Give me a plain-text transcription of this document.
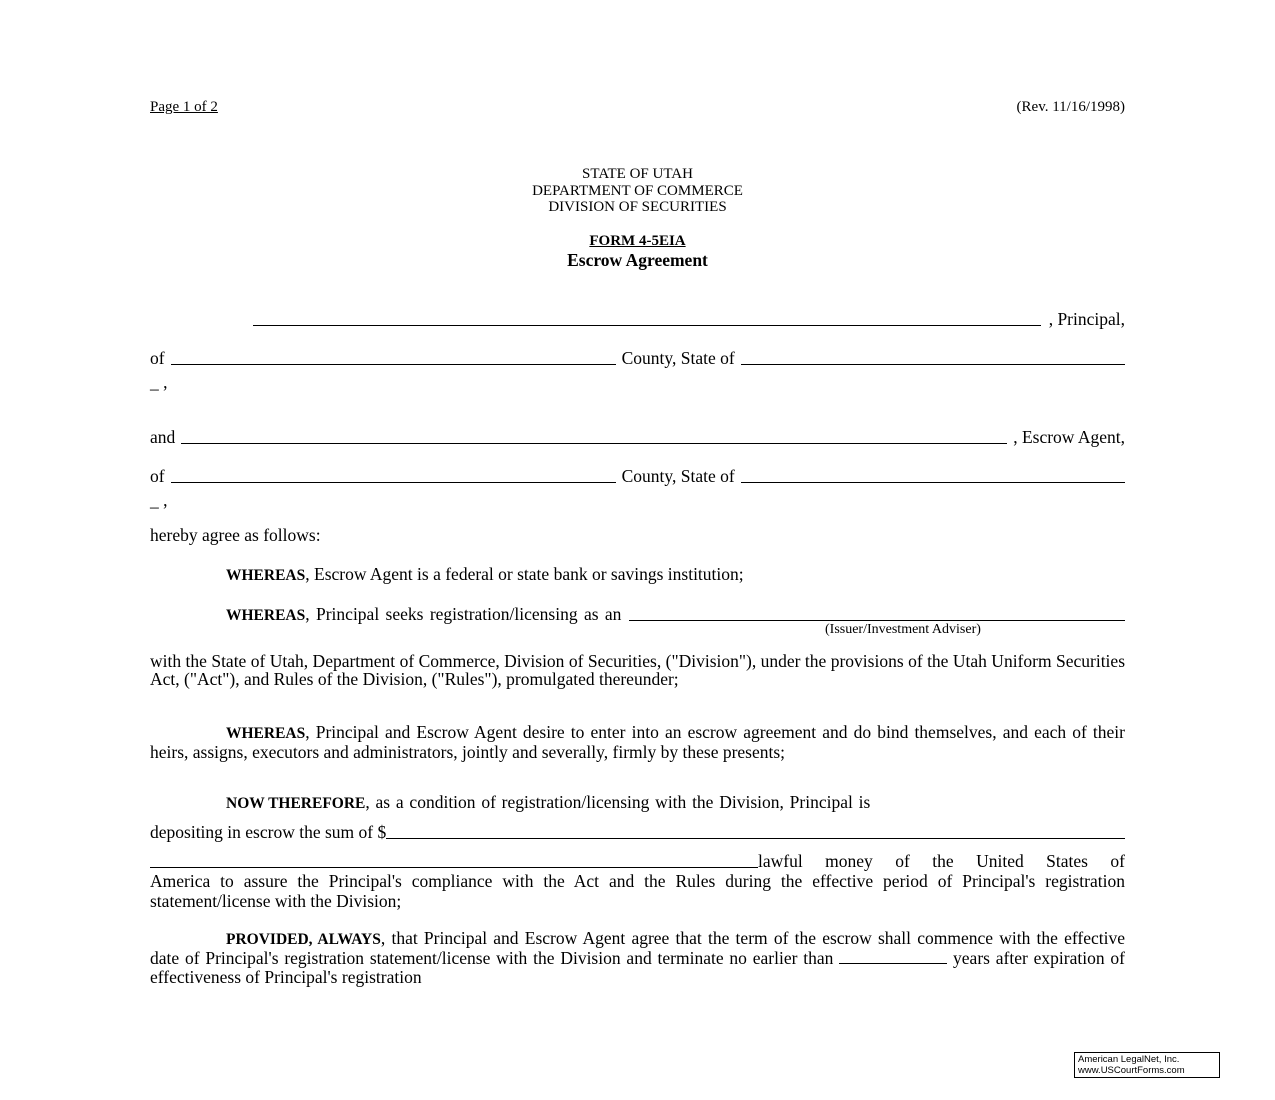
Page 1 of 2	(Rev. 11/16/1998)
STATE OF UTAH
DEPARTMENT OF COMMERCE
DIVISION OF SECURITIES
FORM 4-5EIA
Escrow Agreement
, Principal,
of	County, State of
_ ,
and	, Escrow Agent,
of	County, State of
_ ,
hereby agree as follows:
WHEREAS, Escrow Agent is a federal or state bank or savings institution;
WHEREAS , Principal seeks registration/licensing as an
(Issuer/Investment Adviser)
with the State of Utah, Department of Commerce, Division of Securities, ("Division"), under the provisions of the Utah Uniform Securities Act, ("Act"), and Rules of the Division, ("Rules"), promulgated thereunder;
WHEREAS, Principal and Escrow Agent desire to enter into an escrow agreement and do bind themselves, and each of their heirs, assigns, executors and administrators, jointly and severally, firmly by these presents;
NOW THEREFORE, as a condition of registration/licensing with the Division, Principal is
depositing in escrow the sum of $
lawful money of the United States of
America to assure the Principal's compliance with the Act and the Rules during the effective period of Principal's registration statement/license with the Division;
PROVIDED, ALWAYS, that Principal and Escrow Agent agree that the term of the escrow shall commence with the effective date of Principal's registration statement/license with the Division and terminate no earlier than	years after expiration of effectiveness of Principal's registration
American LegalNet, Inc.
www.USCourtForms.com
